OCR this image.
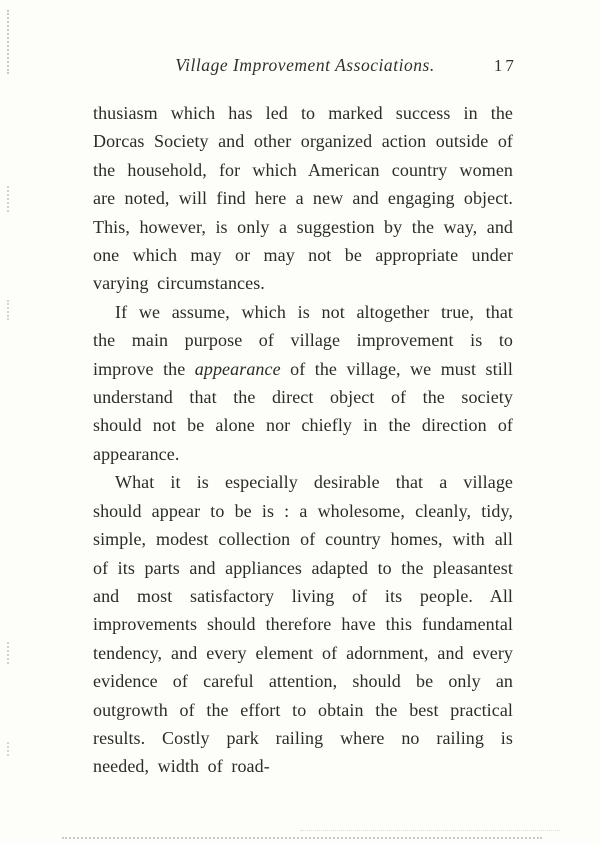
Village Improvement Associations.	17

thusiasm which has led to marked success in the Dorcas Society and other organized action outside of the household, for which American country women are noted, will find here a new and engaging object. This, however, is only a suggestion by the way, and one which may or may not be appropriate under varying circumstances.

If we assume, which is not altogether true, that the main purpose of village improvement is to improve the appearance of the village, we must still understand that the direct object of the society should not be alone nor chiefly in the direction of appearance.

What it is especially desirable that a village should appear to be is : a wholesome, cleanly, tidy, simple, modest collection of country homes, with all of its parts and appliances adapted to the pleasantest and most satisfactory living of its people. All improvements should therefore have this fundamental tendency, and every element of adornment, and every evidence of careful attention, should be only an outgrowth of the effort to obtain the best practical results. Costly park railing where no railing is needed, width of road-
